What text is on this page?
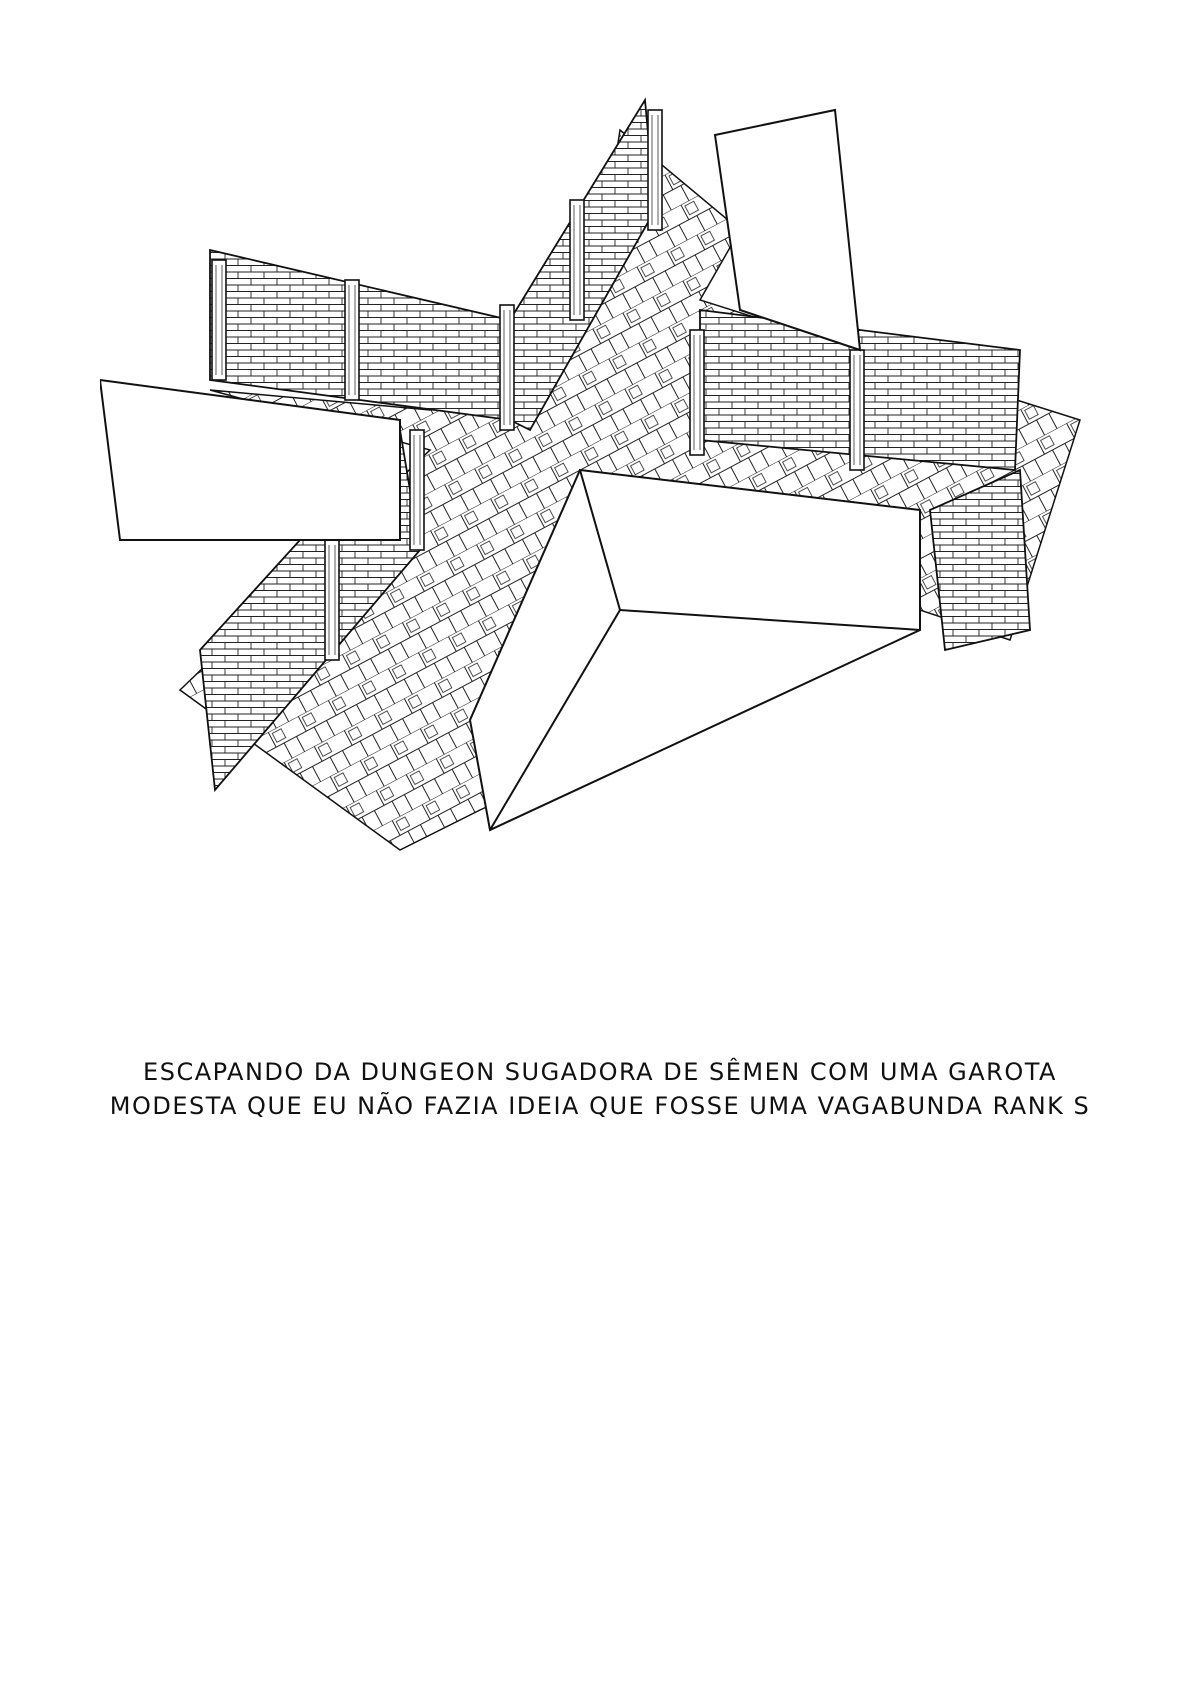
ESCAPANDO DA DUNGEON SUGADORA DE SÊMEN COM UMA GAROTA
MODESTA QUE EU NÃO FAZIA IDEIA QUE FOSSE UMA VAGABUNDA RANK S
